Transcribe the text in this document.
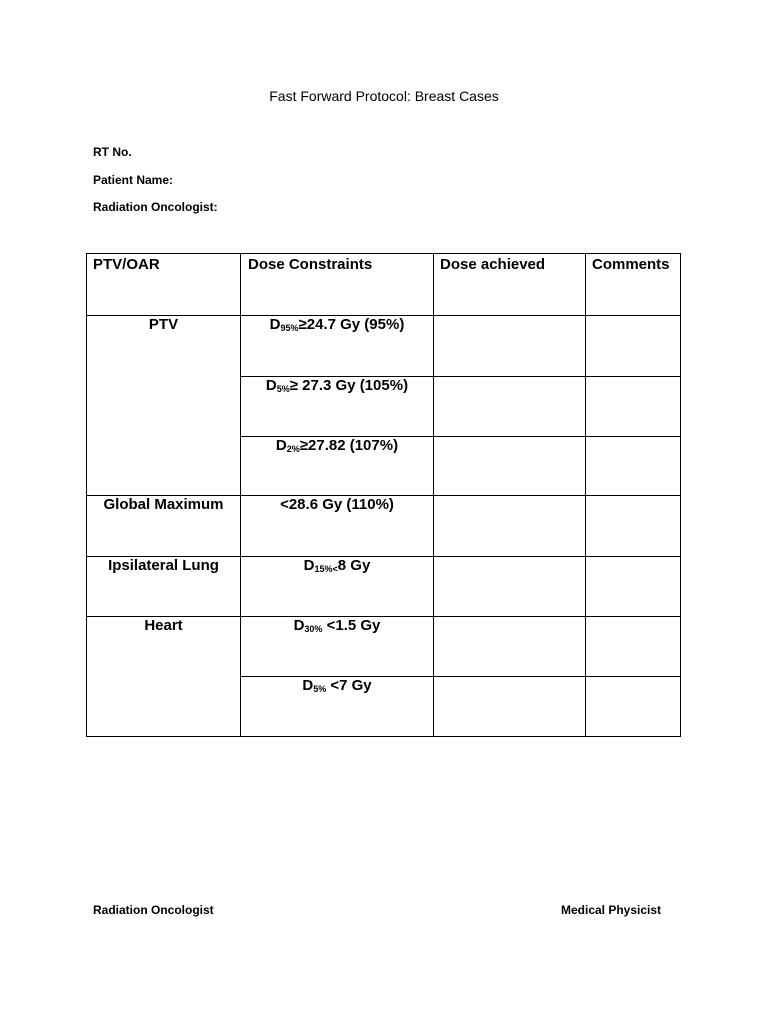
Fast Forward Protocol: Breast Cases
RT No.
Patient Name:
Radiation Oncologist:
PTV/OAR	Dose Constraints	Dose achieved	Comments
PTV	$D_{95\%}\ge 24.7$ Gy (95%)		
	$D_{5\%}\ge 27.3$ Gy (105%)		
	$D_{2\%}\ge 27.82$ (107%)		
Global Maximum	<28.6 Gy (110%)		
Ipsilateral Lung	$D_{15\%<}8$ Gy		
Heart	$D_{30\%} <1.5$ Gy		
	$D_{5\%} <7$ Gy		
Radiation Oncologist	Medical Physicist
